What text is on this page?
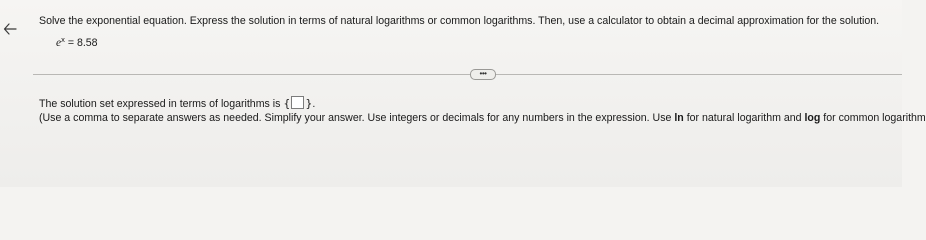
Solve the exponential equation. Express the solution in terms of natural logarithms or common logarithms. Then, use a calculator to obtain a decimal approximation for the solution.
$e^x = 8.58$
•••
The solution set expressed in terms of logarithms is { }.
(Use a comma to separate answers as needed. Simplify your answer. Use integers or decimals for any numbers in the expression. Use ln for natural logarithm and log for common logarithm
